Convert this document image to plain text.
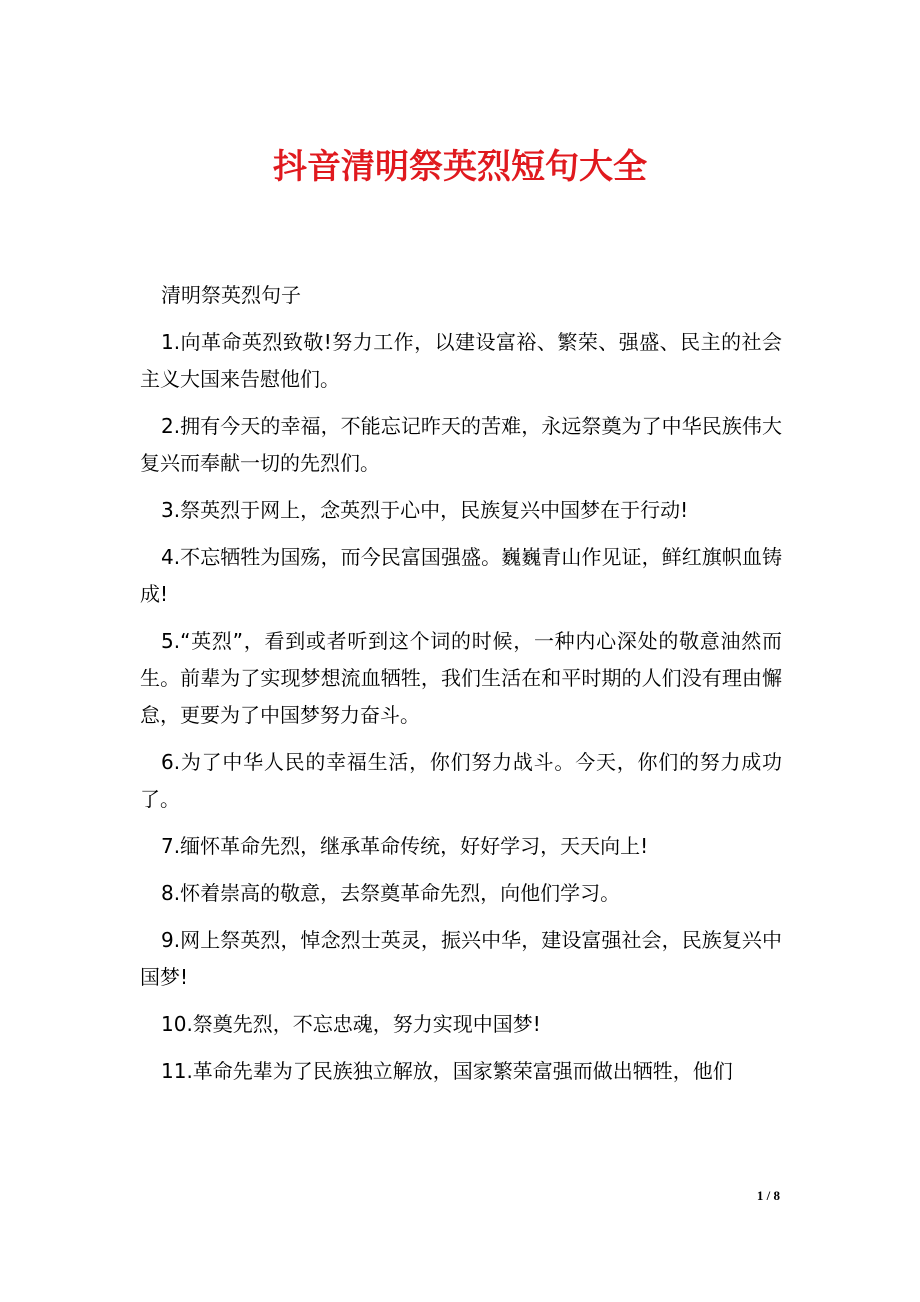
抖音清明祭英烈短句大全

清明祭英烈句子

1.向革命英烈致敬!努力工作，以建设富裕、繁荣、强盛、民主的社会主义大国来告慰他们。

2.拥有今天的幸福，不能忘记昨天的苦难，永远祭奠为了中华民族伟大复兴而奉献一切的先烈们。

3.祭英烈于网上，念英烈于心中，民族复兴中国梦在于行动!

4.不忘牺牲为国殇，而今民富国强盛。巍巍青山作见证，鲜红旗帜血铸成!

5.“英烈”，看到或者听到这个词的时候，一种内心深处的敬意油然而生。前辈为了实现梦想流血牺牲，我们生活在和平时期的人们没有理由懈怠，更要为了中国梦努力奋斗。

6.为了中华人民的幸福生活，你们努力战斗。今天，你们的努力成功了。

7.缅怀革命先烈，继承革命传统，好好学习，天天向上!

8.怀着崇高的敬意，去祭奠革命先烈，向他们学习。

9.网上祭英烈，悼念烈士英灵，振兴中华，建设富强社会，民族复兴中国梦!

10.祭奠先烈，不忘忠魂，努力实现中国梦!

11.革命先辈为了民族独立解放，国家繁荣富强而做出牺牲，他们

1 / 8
